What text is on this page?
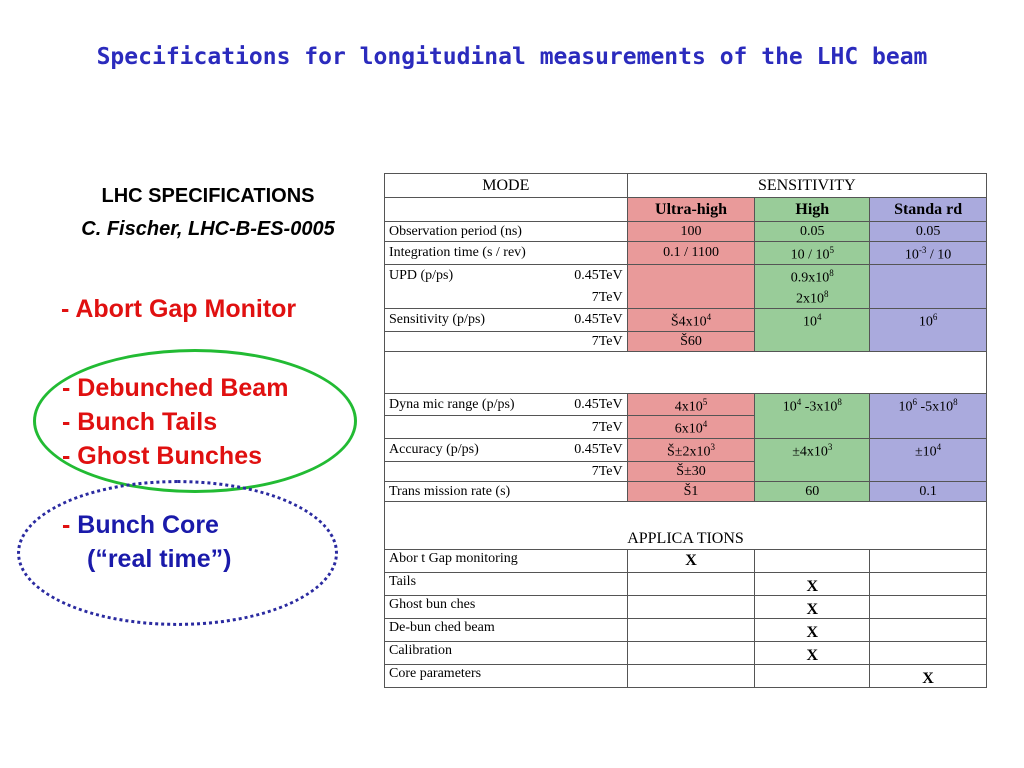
Specifications for longitudinal measurements of the LHC beam
LHC SPECIFICATIONS
C. Fischer, LHC-B-ES-0005
- Abort Gap Monitor
- Debunched Beam
- Bunch Tails
- Ghost Bunches
- Bunch Core
(“real time”)
MODE	SENSITIVITY		
	Ultra-high	High	Standa rd
Observation period (ns)	100	0.05	0.05
Integration time (s / rev)	0.1 / 1100	$10 / 10^5$	$10^{-3} / 10$
UPD (p/ps) 0.45TeV		$0.9x10^8$	

7TeV		$2x10^8$	
Sensitivity (p/ps) 0.45TeV	$Š4x10^4$	$10^4$	$10^6$

7TeV	Š60		

Dyna mic range (p/ps) 0.45TeV	$4x10^5$	$10^4$ $-3x10^8$	$10^6$ $-5x10^8$

7TeV	$6x10^4$
Accuracy (p/ps) 0.45TeV	$Š\pm 2x10^3$	$\pm 4x10^3$	$\pm 10^4$

7TeV	Š±30		
Trans mission rate (s)	Š1	60	0.1
APPLICA TIONS			
Abor t Gap monitoring	X		
Tails		X	
Ghost bun ches		X	
De-bun ched beam		X	
Calibration		X	
Core parameters			X
